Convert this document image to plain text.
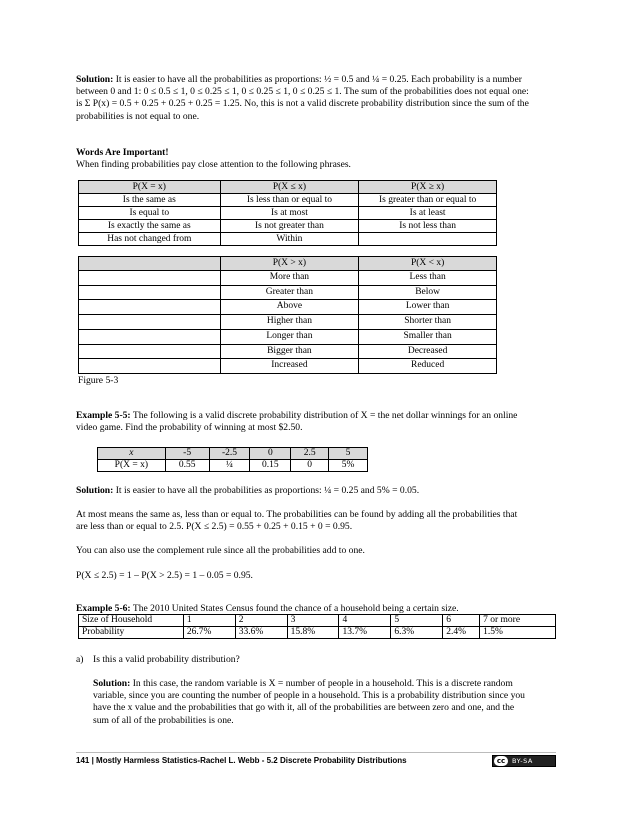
Solution: It is easier to have all the probabilities as proportions: ½ = 0.5 and ¼ = 0.25. Each probability is a number

between 0 and 1: 0 ≤ 0.5 ≤ 1, 0 ≤ 0.25 ≤ 1, 0 ≤ 0.25 ≤ 1, 0 ≤ 0.25 ≤ 1. The sum of the probabilities does not equal one:

is Σ P(x) = 0.5 + 0.25 + 0.25 + 0.25 = 1.25. No, this is not a valid discrete probability distribution since the sum of the

probabilities is not equal to one.

Words Are Important!

When finding probabilities pay close attention to the following phrases.

P(X = x)	P(X ≤ x)	P(X ≥ x)
Is the same as	Is less than or equal to	Is greater than or equal to
Is equal to	Is at most	Is at least
Is exactly the same as	Is not greater than	Is not less than
Has not changed from	Within	
	P(X > x)	P(X < x)
	More than	Less than
	Greater than	Below
	Above	Lower than
	Higher than	Shorter than
	Longer than	Smaller than
	Bigger than	Decreased
	Increased	Reduced
Figure 5-3

Example 5-5: The following is a valid discrete probability distribution of X = the net dollar winnings for an online

video game. Find the probability of winning at most $2.50.

x	-5	-2.5	0	2.5	5
P(X = x)	0.55	¼	0.15	0	5%

Solution: It is easier to have all the probabilities as proportions: ¼ = 0.25 and 5% = 0.05.

At most means the same as, less than or equal to. The probabilities can be found by adding all the probabilities that

are less than or equal to 2.5. P(X ≤ 2.5) = 0.55 + 0.25 + 0.15 + 0 = 0.95.

You can also use the complement rule since all the probabilities add to one.
P(X ≤ 2.5) = 1 – P(X > 2.5) = 1 – 0.05 = 0.95.

Example 5-6: The 2010 United States Census found the chance of a household being a certain size.

Size of Household	1	2	3	4	5	6	7 or more
Probability	26.7%	33.6%	15.8%	13.7%	6.3%	2.4%	1.5%
a) Is this a valid probability distribution?

Solution: In this case, the random variable is X = number of people in a household. This is a discrete random

variable, since you are counting the number of people in a household. This is a probability distribution since you

have the x value and the probabilities that go with it, all of the probabilities are between zero and one, and the

sum of all of the probabilities is one.

141 | Mostly Harmless Statistics-Rachel L. Webb - 5.2 Discrete Probability Distributions	cc	BY-SA
